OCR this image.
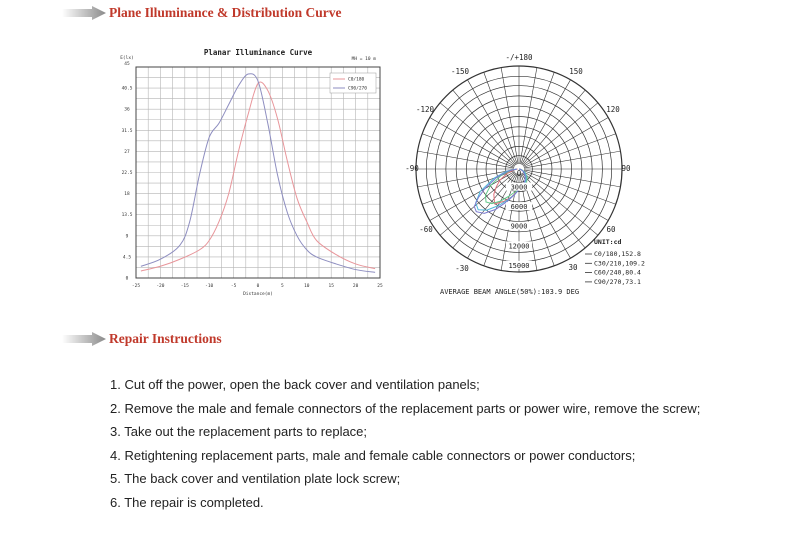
Plane Illuminance & Distribution Curve
-25	-20	-15	-10	-5	0	5	10	15	20	25
0
4.5
9
13.5
18
22.5
27
31.5
36
40.5
45
E(lx)
Distance(m)
Planar Illuminance Curve
MH = 10 m
C0/180
C90/270
3000
6000
9000
12000
15000
0
30
-30
60
-60
90
-90
120
-120
150
-150
-/+180
UNIT:cd
C0/180,152.8
C30/210,109.2
C60/240,80.4
C90/270,73.1
AVERAGE BEAM ANGLE(50%):103.9 DEG
Repair Instructions
1. Cut off the power, open the back cover and ventilation panels;
2. Remove the male and female connectors of the replacement parts or power wire, remove the screw;
3. Take out the replacement parts to replace;
4. Retightening replacement parts, male and female cable connectors or power conductors;
5. The back cover and ventilation plate lock screw;
6. The repair is completed.
